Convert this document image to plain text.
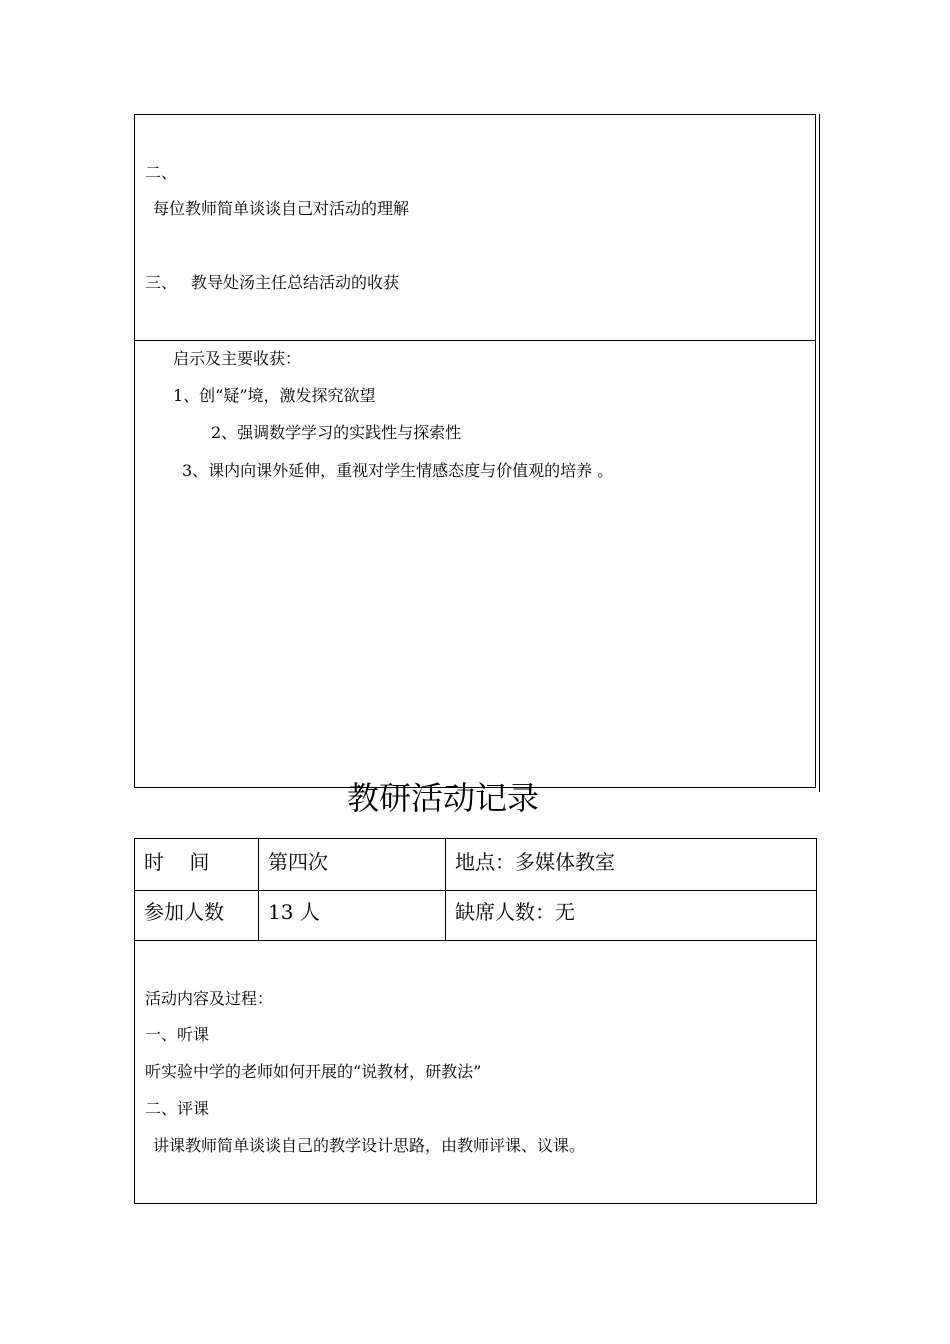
二、
每位教师简单谈谈自己对活动的理解
三、 教导处汤主任总结活动的收获
启示及主要收获：
1、创“疑”境，激发探究欲望
2、强调数学学习的实践性与探索性
3、课内向课外延伸，重视对学生情感态度与价值观的培养 。
教研活动记录
时    间	第四次	地点：多媒体教室
参加人数 13 人	缺席人数：无
活动内容及过程：
一、听课
听实验中学的老师如何开展的“说教材，研教法”
二、评课
讲课教师简单谈谈自己的教学设计思路，由教师评课、议课。
